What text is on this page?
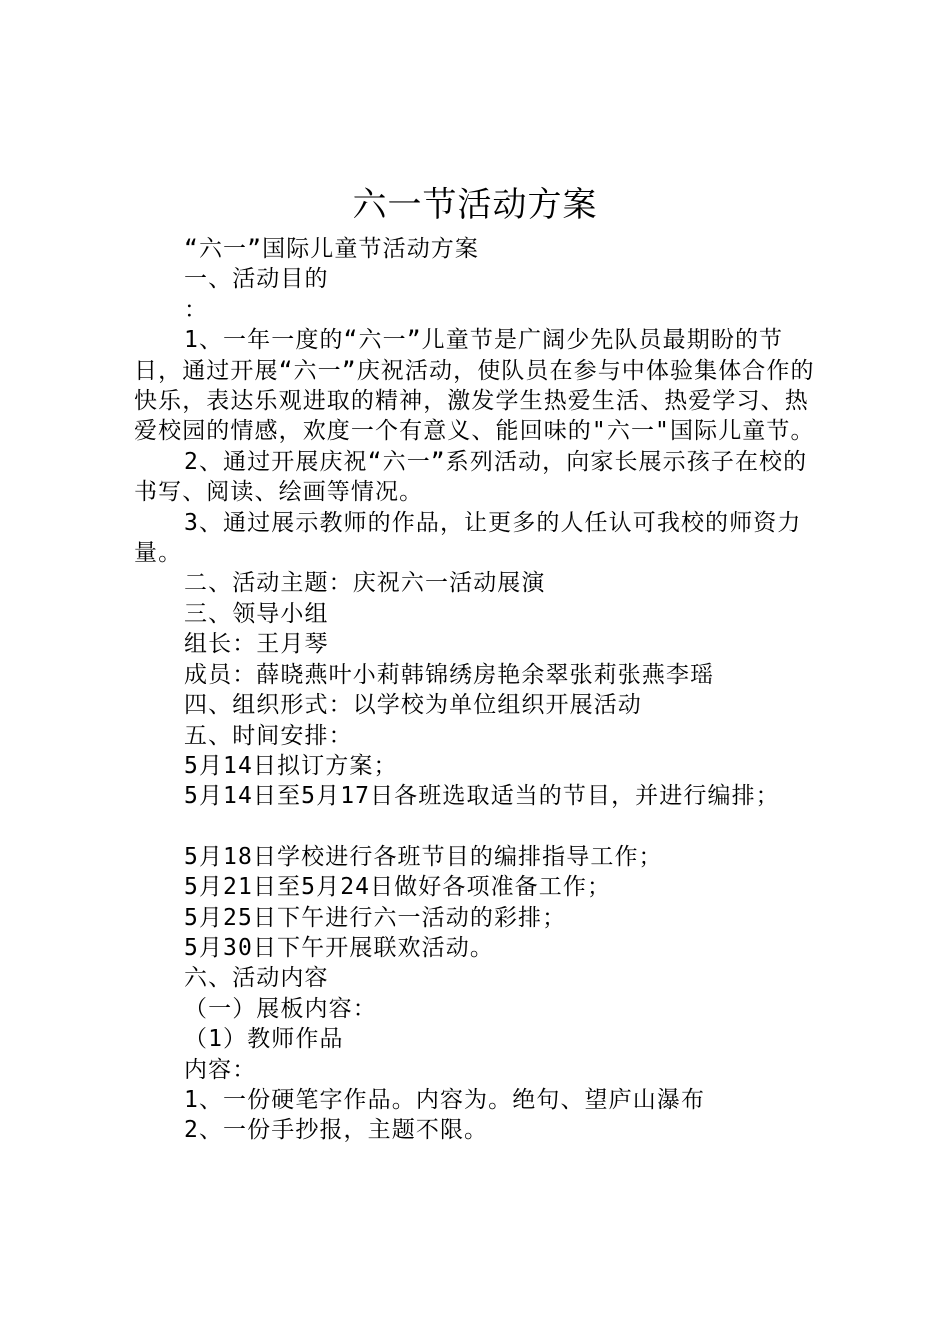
六一节活动方案

“六一”国际儿童节活动方案

一、活动目的

：

1、一年一度的“六一”儿童节是广阔少先队员最期盼的节日，通过开展“六一”庆祝活动，使队员在参与中体验集体合作的快乐，表达乐观进取的精神，激发学生热爱生活、热爱学习、热爱校园的情感，欢度一个有意义、能回味的"六一"国际儿童节。

2、通过开展庆祝“六一”系列活动，向家长展示孩子在校的书写、阅读、绘画等情况。

3、通过展示教师的作品，让更多的人任认可我校的师资力量。

二、活动主题：庆祝六一活动展演

三、领导小组

组长：王月琴

成员：薛晓燕叶小莉韩锦绣房艳余翠张莉张燕李瑶

四、组织形式：以学校为单位组织开展活动

五、时间安排：

5月14日拟订方案；

5月14日至5月17日各班选取适当的节目，并进行编排；

5月18日学校进行各班节目的编排指导工作；

5月21日至5月24日做好各项准备工作；

5月25日下午进行六一活动的彩排；

5月30日下午开展联欢活动。

六、活动内容

（一）展板内容：

（1）教师作品

内容：

1、一份硬笔字作品。内容为。绝句、望庐山瀑布

2、一份手抄报，主题不限。
